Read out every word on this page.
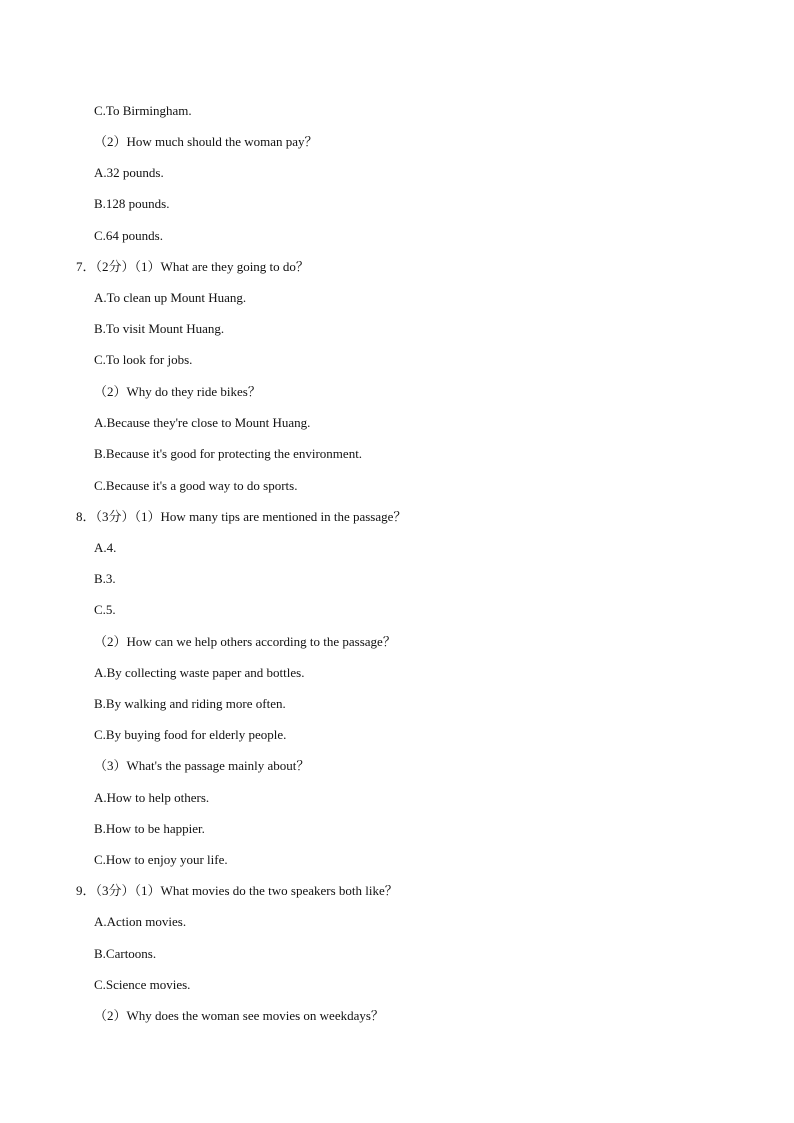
C.To Birmingham.
（2）How much should the woman pay？
A.32 pounds.
B.128 pounds.
C.64 pounds.
7．（2分）（1）What are they going to do？
A.To clean up Mount Huang.
B.To visit Mount Huang.
C.To look for jobs.
（2）Why do they ride bikes？
A.Because they're close to Mount Huang.
B.Because it's good for protecting the environment.
C.Because it's a good way to do sports.
8．（3分）（1）How many tips are mentioned in the passage？
A.4.
B.3.
C.5.
（2）How can we help others according to the passage？
A.By collecting waste paper and bottles.
B.By walking and riding more often.
C.By buying food for elderly people.
（3）What's the passage mainly about？
A.How to help others.
B.How to be happier.
C.How to enjoy your life.
9．（3分）（1）What movies do the two speakers both like？
A.Action movies.
B.Cartoons.
C.Science movies.
（2）Why does the woman see movies on weekdays？
